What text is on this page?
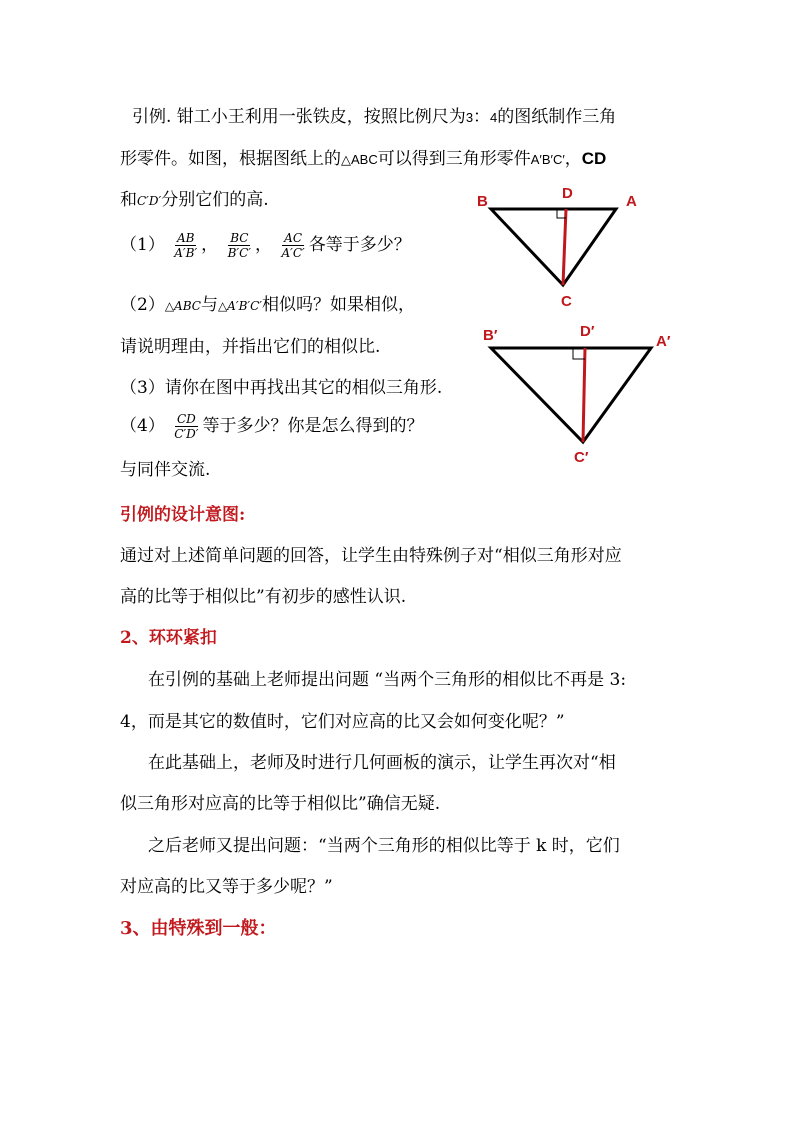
引例. 钳工小王利用一张铁皮，按照比例尺为3：4的图纸制作三角
形零件。如图，根据图纸上的△ABC可以得到三角形零件A′B′C′，CD
和C′D′分别它们的高.
$(1) \frac{AB}{A'B'}$ ， $\frac{BC}{B'C'}$ ， $\frac{AC}{A'C'}$ 各等于多少？
（2）△ABC与△A′B′C′相似吗？如果相似，
请说明理由，并指出它们的相似比.
（3）请你在图中再找出其它的相似三角形.
$(4) \frac{CD}{C'D'}$ 等于多少？你是怎么得到的？
与同伴交流.
引例的设计意图:
通过对上述简单问题的回答，让学生由特殊例子对“相似三角形对应
高的比等于相似比”有初步的感性认识.
2、环环紧扣
在引例的基础上老师提出问题 “当两个三角形的相似比不再是 3:
4，而是其它的数值时，它们对应高的比又会如何变化呢？”
在此基础上，老师及时进行几何画板的演示，让学生再次对“相
似三角形对应高的比等于相似比”确信无疑.
之后老师又提出问题：“当两个三角形的相似比等于 k 时，它们
对应高的比又等于多少呢？”
3、由特殊到一般：
B	D	A
C
B′	D′
A′
C′
